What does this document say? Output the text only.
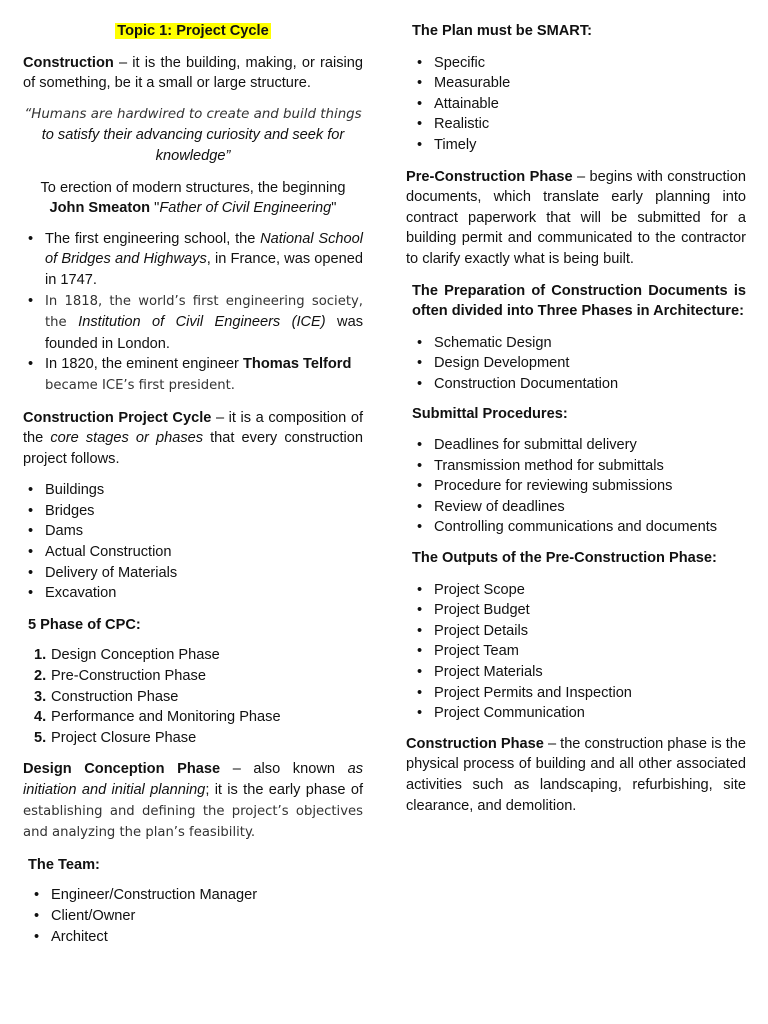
Topic 1: Project Cycle

Construction – it is the building, making, or raising of something, be it a small or large structure.

“Humans are hardwired to create and build things
to satisfy their advancing curiosity and seek for knowledge”

To erection of modern structures, the beginning

John Smeaton "Father of Civil Engineering"

• The first engineering school, the National School of Bridges and Highways, in France, was opened in 1747.
• In 1818, the world’s first engineering society, the Institution of Civil Engineers (ICE) was founded in London.
• In 1820, the eminent engineer Thomas Telford
became ICE’s first president.

Construction Project Cycle – it is a composition of the core stages or phases that every construction project follows.

• Buildings
• Bridges
• Dams
• Actual Construction
• Delivery of Materials
• Excavation

5 Phase of CPC:

1. Design Conception Phase
2. Pre-Construction Phase
3. Construction Phase
4. Performance and Monitoring Phase
5. Project Closure Phase

Design Conception Phase – also known as initiation and initial planning; it is the early phase of establishing and defining the project’s objectives and analyzing the plan’s feasibility.

The Team:

• Engineer/Construction Manager
• Client/Owner
• Architect

The Plan must be SMART:

• Specific
• Measurable
• Attainable
• Realistic
• Timely

Pre-Construction Phase – begins with construction documents, which translate early planning into contract paperwork that will be submitted for a building permit and communicated to the contractor to clarify exactly what is being built.

The Preparation of Construction Documents is often divided into Three Phases in Architecture:

• Schematic Design
• Design Development
• Construction Documentation

Submittal Procedures:

• Deadlines for submittal delivery
• Transmission method for submittals
• Procedure for reviewing submissions
• Review of deadlines
• Controlling communications and documents

The Outputs of the Pre-Construction Phase:

• Project Scope
• Project Budget
• Project Details
• Project Team
• Project Materials
• Project Permits and Inspection
• Project Communication

Construction Phase – the construction phase is the physical process of building and all other associated activities such as landscaping, refurbishing, site clearance, and demolition.
